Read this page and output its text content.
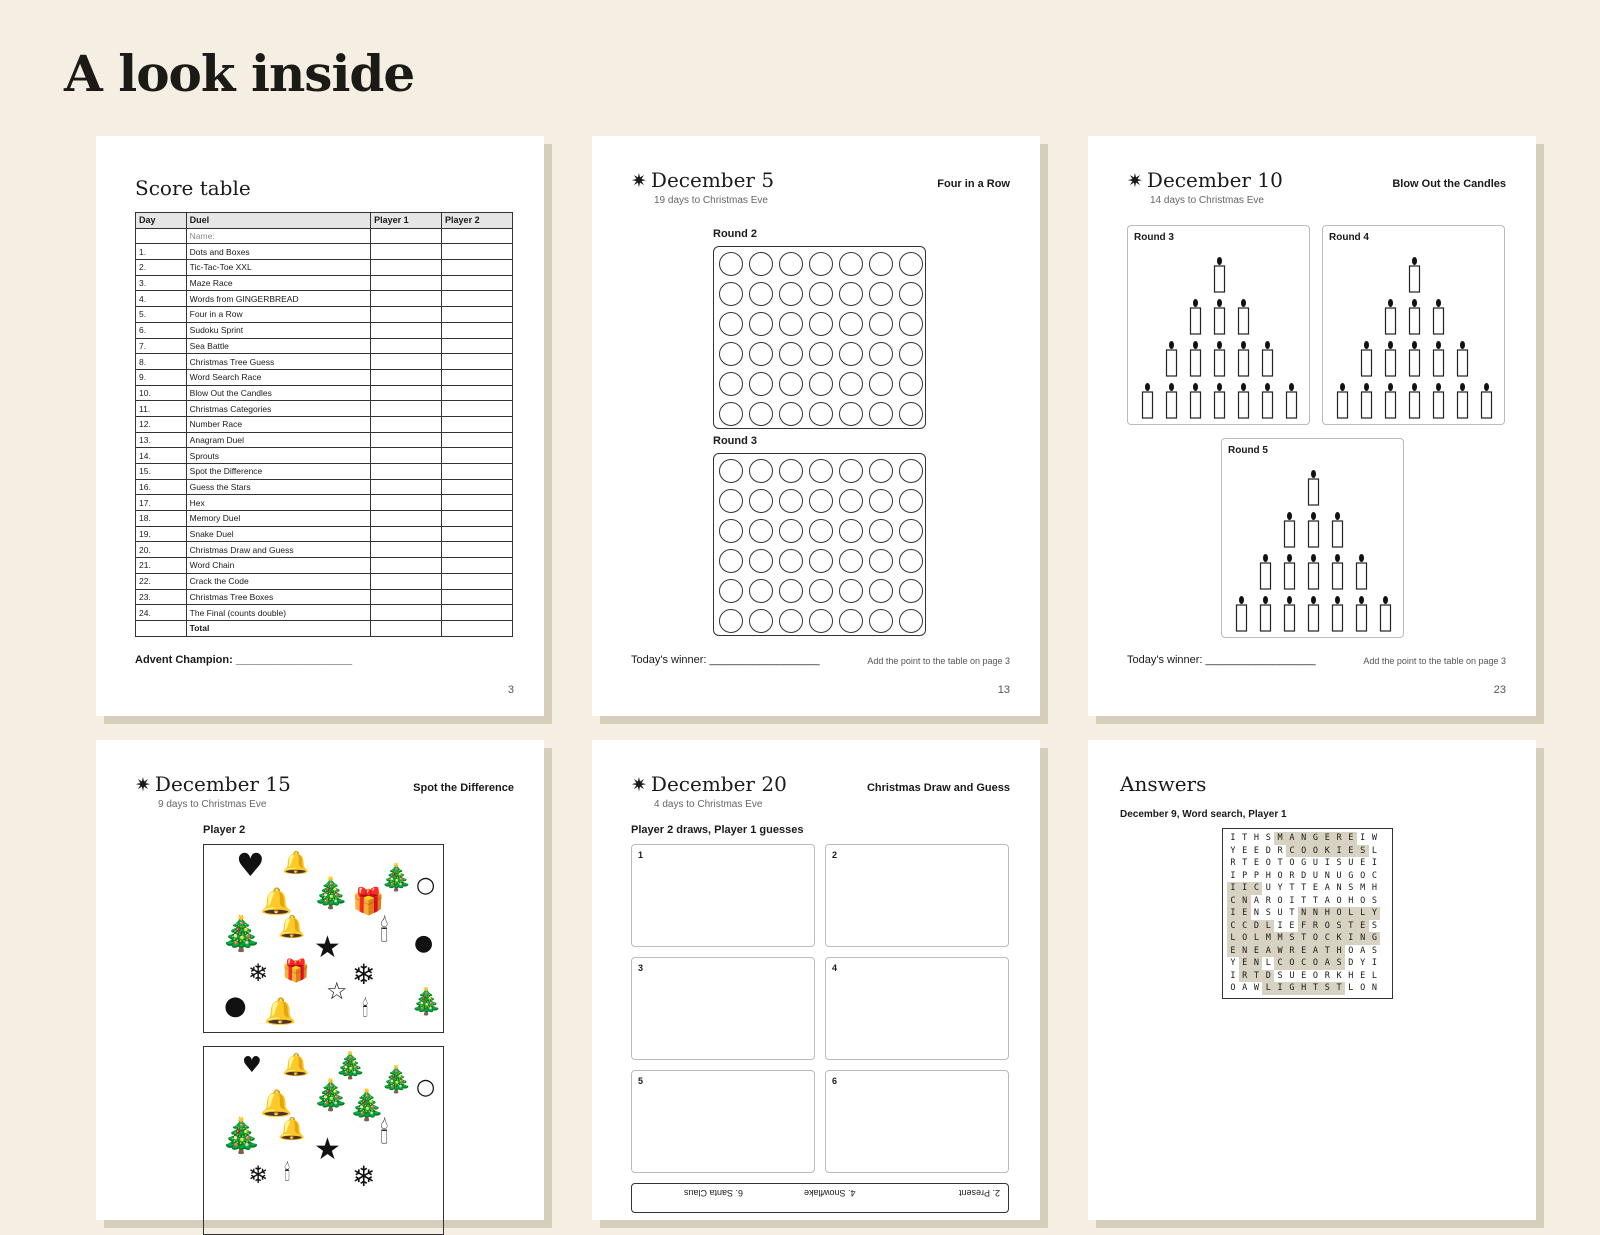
A look inside
Score table
Day	Duel	Player 1	Player 2
	Name:		
1.	Dots and Boxes		
2.	Tic-Tac-Toe XXL		
3.	Maze Race		
4.	Words from GINGERBREAD		
5.	Four in a Row		
6.	Sudoku Sprint		
7.	Sea Battle		
8.	Christmas Tree Guess		
9.	Word Search Race		
10.	Blow Out the Candles		
11.	Christmas Categories		
12.	Number Race		
13.	Anagram Duel		
14.	Sprouts		
15.	Spot the Difference		
16.	Guess the Stars		
17.	Hex		
18.	Memory Duel		
19.	Snake Duel		
20.	Christmas Draw and Guess		
21.	Word Chain		
22.	Crack the Code		
23.	Christmas Tree Boxes		
24.	The Final (counts double)		
	Total		
Advent Champion: ___________________
3
✷ December 5
19 days to Christmas Eve
Four in a Row
Round 2
Round 3
Today's winner: __________________	Add the point to the table on page 3
13
✷ December 10
14 days to Christmas Eve
Blow Out the Candles
Round 3	Round 4
Round 5
Today's winner: __________________	Add the point to the table on page 3
23
✷ December 15
9 days to Christmas Eve
Spot the Difference
Player 2
♥ 🔔	🎄 ○
🔔 🎄 🎁
🎄 🔔 🕯
★	●
❄ 🎁 ❄
☆
● 🔔	🕯 🎄
♥ 🔔 🎄 🎄 ○
🔔 🎄
🎄
🎄 🔔 🕯
★
❄ 🕯 ❄
✷ December 20
4 days to Christmas Eve
Christmas Draw and Guess
Player 2 draws, Player 1 guesses
1	2
3	4
5	6
2. Present
4. Snowflake
6. Santa Claus
Answers
December 9, Word search, Player 1
I T H S M A N G E R E I W
Y E E D R C O O K I E S L
R T E O T O G U I S U E I
I P P H O R D U N U G O C
I I C U Y T T E A N S M H
C N A R O I T T A O H O S
I E N S U T N N H O L L Y
C C D L I E F R O S T E S
L O L M M S T O C K I N G
E N E A W R E A T H O A S
Y E N L C O C O A S D Y I
I R T D S U E O R K H E L
O A W L I G H T S T L O N
